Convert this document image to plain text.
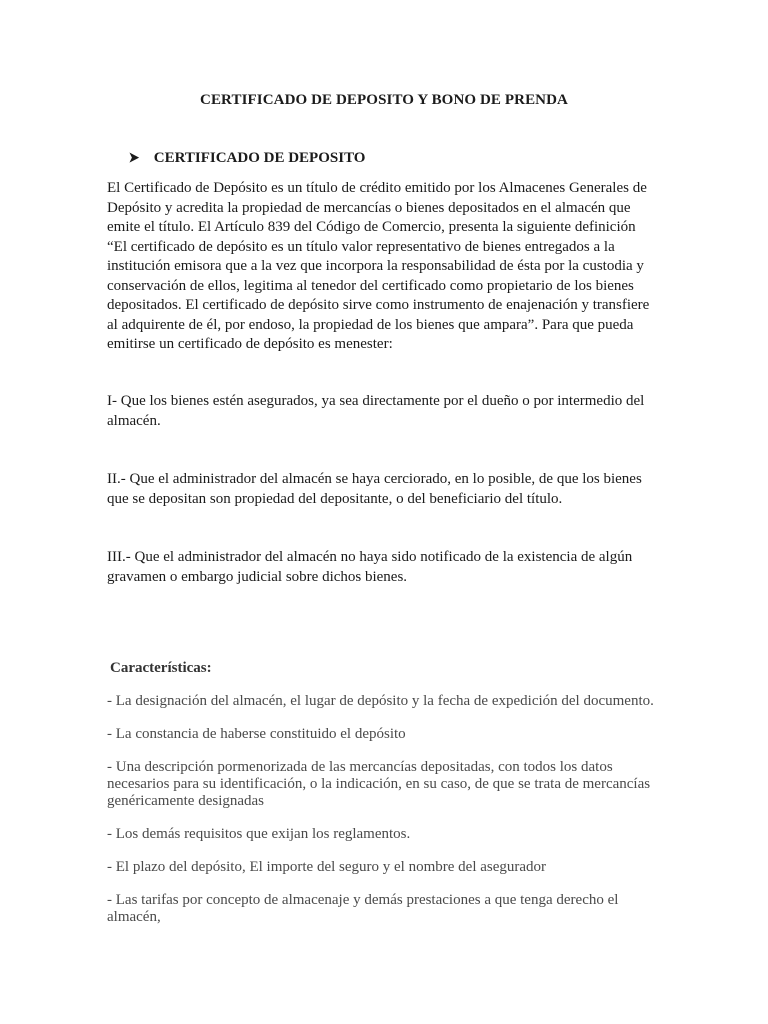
CERTIFICADO DE DEPOSITO Y BONO DE PRENDA
➤ CERTIFICADO DE DEPOSITO
El Certificado de Depósito es un título de crédito emitido por los Almacenes Generales de
Depósito y acredita la propiedad de mercancías o bienes depositados en el almacén que
emite el título. El Artículo 839 del Código de Comercio, presenta la siguiente definición
“El certificado de depósito es un título valor representativo de bienes entregados a la
institución emisora que a la vez que incorpora la responsabilidad de ésta por la custodia y
conservación de ellos, legitima al tenedor del certificado como propietario de los bienes
depositados. El certificado de depósito sirve como instrumento de enajenación y transfiere
al adquirente de él, por endoso, la propiedad de los bienes que ampara”. Para que pueda
emitirse un certificado de depósito es menester:
I- Que los bienes estén asegurados, ya sea directamente por el dueño o por intermedio del
almacén.
II.- Que el administrador del almacén se haya cerciorado, en lo posible, de que los bienes
que se depositan son propiedad del depositante, o del beneficiario del título.
III.- Que el administrador del almacén no haya sido notificado de la existencia de algún
gravamen o embargo judicial sobre dichos bienes.
Características:
- La designación del almacén, el lugar de depósito y la fecha de expedición del documento.
- La constancia de haberse constituido el depósito
- Una descripción pormenorizada de las mercancías depositadas, con todos los datos
necesarios para su identificación, o la indicación, en su caso, de que se trata de mercancías
genéricamente designadas
- Los demás requisitos que exijan los reglamentos.
- El plazo del depósito, El importe del seguro y el nombre del asegurador
- Las tarifas por concepto de almacenaje y demás prestaciones a que tenga derecho el
almacén,
